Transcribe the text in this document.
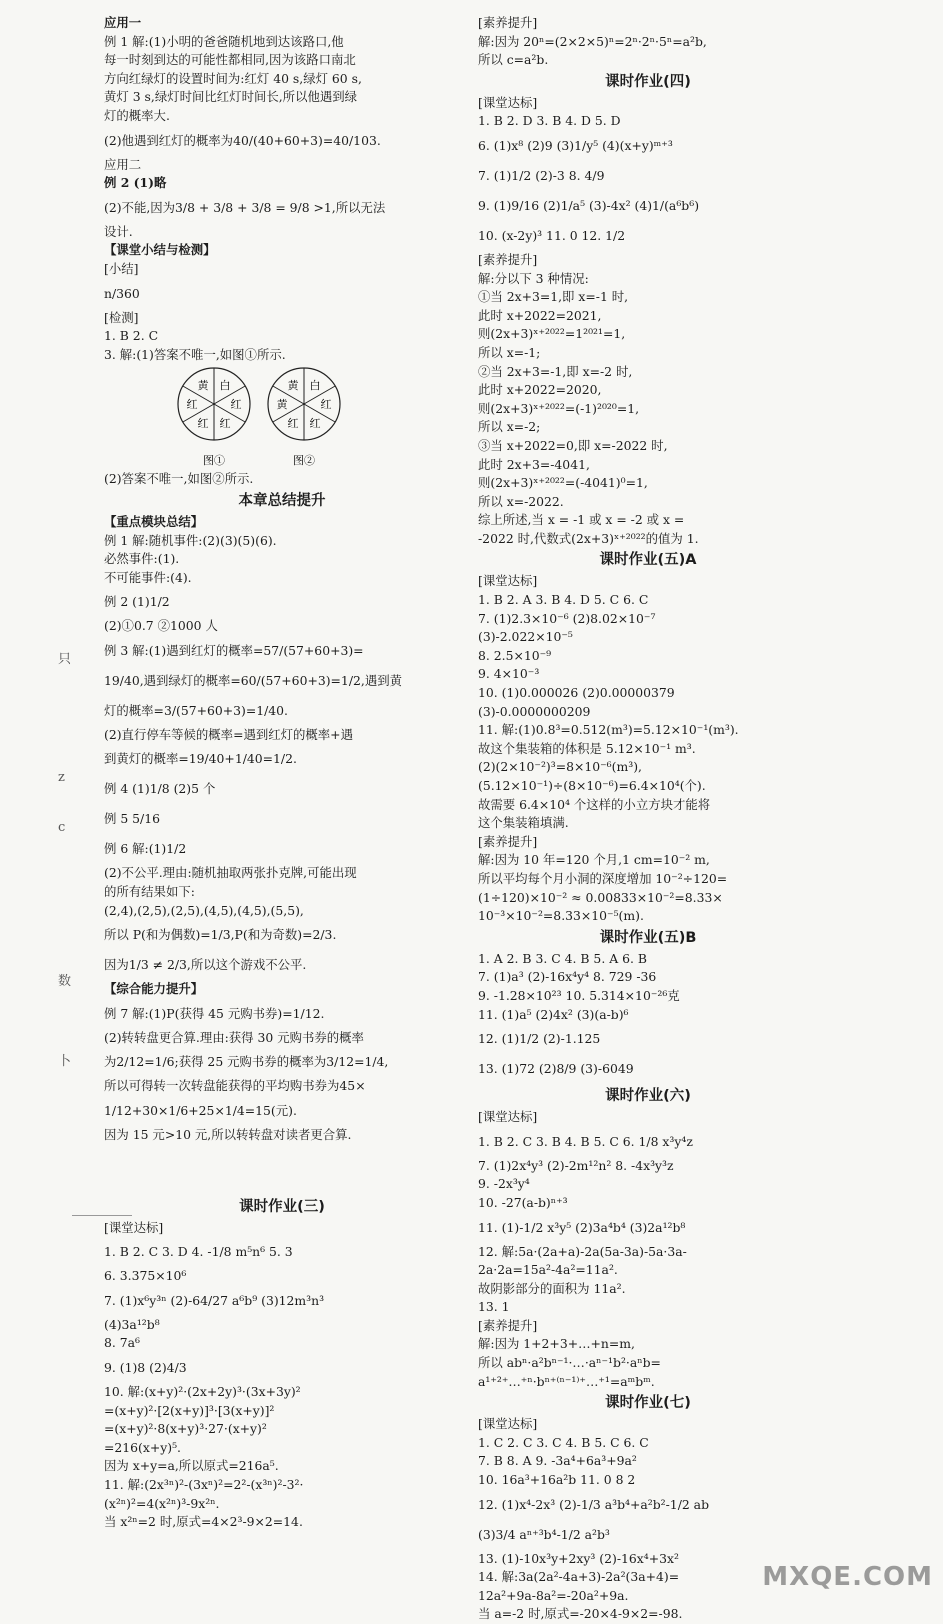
应用一
例 1 解:(1)小明的爸爸随机地到达该路口,他
每一时刻到达的可能性都相同,因为该路口南北
方向红绿灯的设置时间为:红灯 40 s,绿灯 60 s,
黄灯 3 s,绿灯时间比红灯时间长,所以他遇到绿
灯的概率大.
(2)他遇到红灯的概率为40/(40+60+3)=40/103.
应用二
例 2 (1)略
(2)不能,因为3/8 + 3/8 + 3/8 = 9/8 >1,所以无法
设计.
【课堂小结与检测】
[小结]
n/360
[检测]
1. B 2. C
3. 解:(1)答案不唯一,如图①所示.
白
红
红
红
红
黄
图①
白
红
红
红
黄
黄
图②
(2)答案不唯一,如图②所示.
本章总结提升
【重点模块总结】
例 1 解:随机事件:(2)(3)(5)(6).
必然事件:(1).
不可能事件:(4).
例 2 (1)1/2
(2)①0.7 ②1000 人
例 3 解:(1)遇到红灯的概率=57/(57+60+3)=
19/40,遇到绿灯的概率=60/(57+60+3)=1/2,遇到黄
灯的概率=3/(57+60+3)=1/40.
(2)直行停车等候的概率=遇到红灯的概率+遇
到黄灯的概率=19/40+1/40=1/2.
例 4 (1)1/8 (2)5 个
例 5 5/16
例 6 解:(1)1/2
(2)不公平.理由:随机抽取两张扑克牌,可能出现
的所有结果如下:
(2,4),(2,5),(2,5),(4,5),(4,5),(5,5),
所以 P(和为偶数)=1/3,P(和为奇数)=2/3.
因为1/3 ≠ 2/3,所以这个游戏不公平.
【综合能力提升】
例 7 解:(1)P(获得 45 元购书券)=1/12.
(2)转转盘更合算.理由:获得 30 元购书券的概率
为2/12=1/6;获得 25 元购书券的概率为3/12=1/4,
所以可得转一次转盘能获得的平均购书券为45×
1/12+30×1/6+25×1/4=15(元).
因为 15 元>10 元,所以转转盘对读者更合算.
课时作业(三)
[课堂达标]
1. B 2. C 3. D 4. -1/8 m⁵n⁶ 5. 3
6. 3.375×10⁶
7. (1)x⁶y³ⁿ (2)-64/27 a⁶b⁹ (3)12m³n³
(4)3a¹²b⁸
8. 7a⁶
9. (1)8 (2)4/3
10. 解:(x+y)²·(2x+2y)³·(3x+3y)²
=(x+y)²·[2(x+y)]³·[3(x+y)]²
=(x+y)²·8(x+y)³·27·(x+y)²
=216(x+y)⁵.
因为 x+y=a,所以原式=216a⁵.
11. 解:(2x³ⁿ)²-(3xⁿ)²=2²-(x³ⁿ)²-3²·
(x²ⁿ)²=4(x²ⁿ)³-9x²ⁿ.
当 x²ⁿ=2 时,原式=4×2³-9×2=14.
[素养提升]
解:因为 20ⁿ=(2×2×5)ⁿ=2ⁿ·2ⁿ·5ⁿ=a²b,
所以 c=a²b.
课时作业(四)
[课堂达标]
1. B 2. D 3. B 4. D 5. D
6. (1)x⁸ (2)9 (3)1/y⁵ (4)(x+y)ᵐ⁺³
7. (1)1/2 (2)-3 8. 4/9
9. (1)9/16 (2)1/a⁵ (3)-4x² (4)1/(a⁶b⁶)
10. (x-2y)³ 11. 0 12. 1/2
[素养提升]
解:分以下 3 种情况:
①当 2x+3=1,即 x=-1 时,
此时 x+2022=2021,
则(2x+3)ˣ⁺²⁰²²=1²⁰²¹=1,
所以 x=-1;
②当 2x+3=-1,即 x=-2 时,
此时 x+2022=2020,
则(2x+3)ˣ⁺²⁰²²=(-1)²⁰²⁰=1,
所以 x=-2;
③当 x+2022=0,即 x=-2022 时,
此时 2x+3=-4041,
则(2x+3)ˣ⁺²⁰²²=(-4041)⁰=1,
所以 x=-2022.
综上所述,当 x = -1 或 x = -2 或 x =
-2022 时,代数式(2x+3)ˣ⁺²⁰²²的值为 1.
课时作业(五)A
[课堂达标]
1. B 2. A 3. B 4. D 5. C 6. C
7. (1)2.3×10⁻⁶ (2)8.02×10⁻⁷
(3)-2.022×10⁻⁵
8. 2.5×10⁻⁹
9. 4×10⁻³
10. (1)0.000026 (2)0.00000379
(3)-0.0000000209
11. 解:(1)0.8³=0.512(m³)=5.12×10⁻¹(m³).
故这个集装箱的体积是 5.12×10⁻¹ m³.
(2)(2×10⁻²)³=8×10⁻⁶(m³),
(5.12×10⁻¹)÷(8×10⁻⁶)=6.4×10⁴(个).
故需要 6.4×10⁴ 个这样的小立方块才能将
这个集装箱填满.
[素养提升]
解:因为 10 年=120 个月,1 cm=10⁻² m,
所以平均每个月小洞的深度增加 10⁻²÷120=
(1÷120)×10⁻² ≈ 0.00833×10⁻²=8.33×
10⁻³×10⁻²=8.33×10⁻⁵(m).
课时作业(五)B
1. A 2. B 3. C 4. B 5. A 6. B
7. (1)a³ (2)-16x⁴y⁴ 8. 729 -36
9. -1.28×10²³ 10. 5.314×10⁻²⁶克
11. (1)a⁵ (2)4x² (3)(a-b)⁶
12. (1)1/2 (2)-1.125
13. (1)72 (2)8/9 (3)-6049
课时作业(六)
[课堂达标]
1. B 2. C 3. B 4. B 5. C 6. 1/8 x³y⁴z
7. (1)2x⁴y³ (2)-2m¹²n² 8. -4x³y³z
9. -2x³y⁴
10. -27(a-b)ⁿ⁺³
11. (1)-1/2 x³y⁵ (2)3a⁴b⁴ (3)2a¹²b⁸
12. 解:5a·(2a+a)-2a(5a-3a)-5a·3a-
2a·2a=15a²-4a²=11a².
故阴影部分的面积为 11a².
13. 1
[素养提升]
解:因为 1+2+3+…+n=m,
所以 abⁿ·a²bⁿ⁻¹·…·aⁿ⁻¹b²·aⁿb=
a¹⁺²⁺…⁺ⁿ·bⁿ⁺⁽ⁿ⁻¹⁾⁺…⁺¹=aᵐbᵐ.
课时作业(七)
[课堂达标]
1. C 2. C 3. C 4. B 5. C 6. C
7. B 8. A 9. -3a⁴+6a³+9a²
10. 16a³+16a²b 11. 0 8 2
12. (1)x⁴-2x³ (2)-1/3 a³b⁴+a²b²-1/2 ab
(3)3/4 aⁿ⁺³b⁴-1/2 a²b³
13. (1)-10x³y+2xy³ (2)-16x⁴+3x²
14. 解:3a(2a²-4a+3)-2a²(3a+4)=
12a²+9a-8a²=-20a²+9a.
当 a=-2 时,原式=-20×4-9×2=-98.
只
z
c
数
卜
MXQE.COM
